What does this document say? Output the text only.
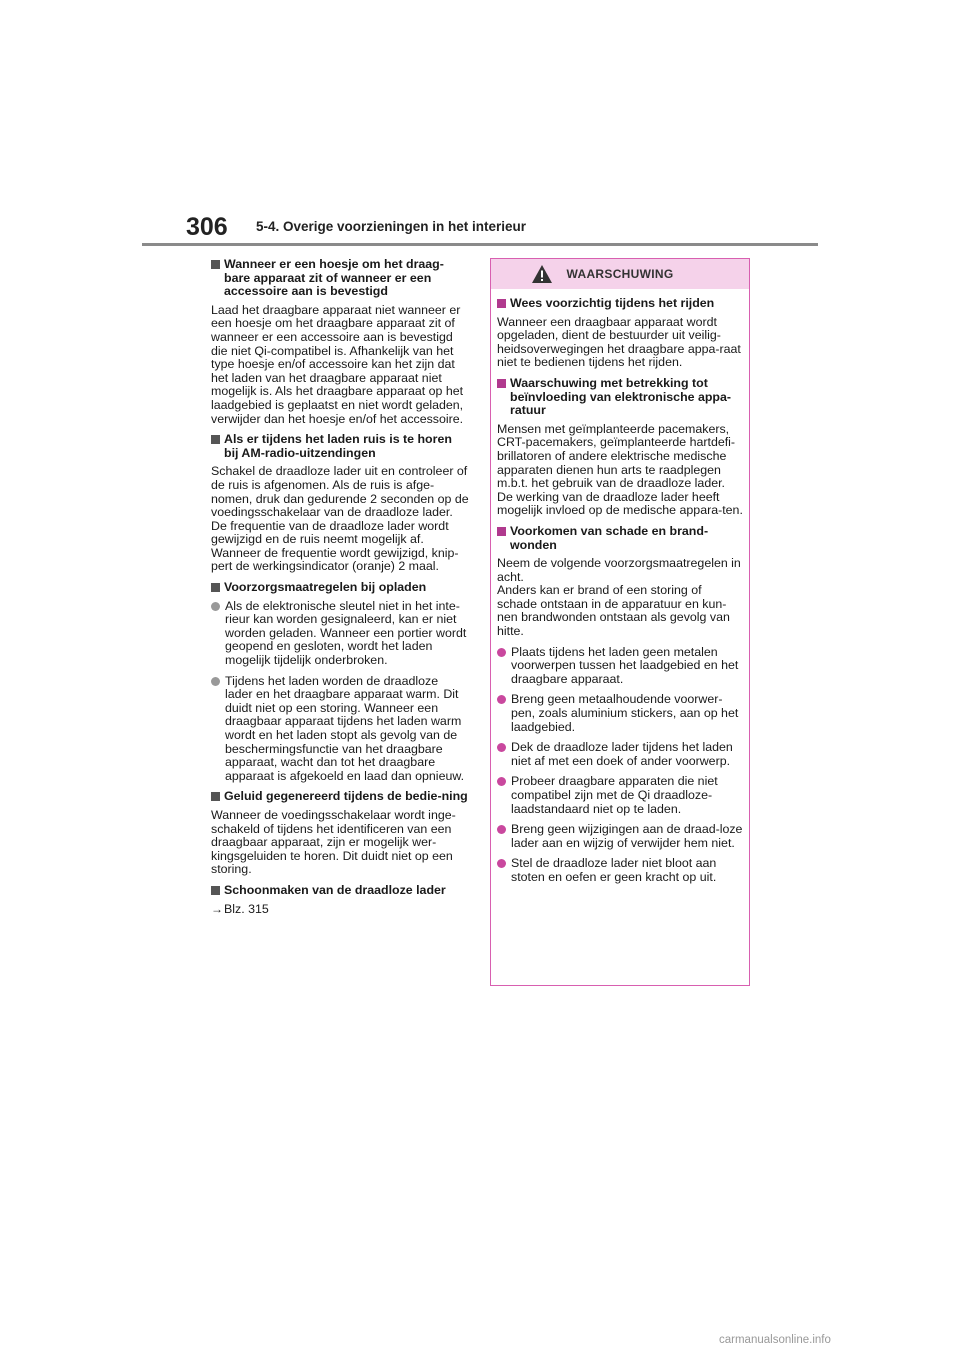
306 5-4. Overige voorzieningen in het interieur
Wanneer er een hoesje om het draag-bare apparaat zit of wanneer er een accessoire aan is bevestigd

Laad het draagbare apparaat niet wanneer er een hoesje om het draagbare apparaat zit of wanneer er een accessoire aan is bevestigd die niet Qi-compatibel is. Afhankelijk van het type hoesje en/of accessoire kan het zijn dat het laden van het draagbare apparaat niet mogelijk is. Als het draagbare apparaat op het laadgebied is geplaatst en niet wordt geladen, verwijder dan het hoesje en/of het accessoire.

Als er tijdens het laden ruis is te horen bij AM-radio-uitzendingen

Schakel de draadloze lader uit en controleer of de ruis is afgenomen. Als de ruis is afge-nomen, druk dan gedurende 2 seconden op de voedingsschakelaar van de draadloze lader. De frequentie van de draadloze lader wordt gewijzigd en de ruis neemt mogelijk af. Wanneer de frequentie wordt gewijzigd, knip-pert de werkingsindicator (oranje) 2 maal.

Voorzorgsmaatregelen bij opladen
Als de elektronische sleutel niet in het inte-rieur kan worden gesignaleerd, kan er niet worden geladen. Wanneer een portier wordt geopend en gesloten, wordt het laden mogelijk tijdelijk onderbroken.
Tijdens het laden worden de draadloze lader en het draagbare apparaat warm. Dit duidt niet op een storing. Wanneer een draagbaar apparaat tijdens het laden warm wordt en het laden stopt als gevolg van de beschermingsfunctie van het draagbare apparaat, wacht dan tot het draagbare apparaat is afgekoeld en laad dan opnieuw.
Geluid gegenereerd tijdens de bedie-ning

Wanneer de voedingsschakelaar wordt inge-schakeld of tijdens het identificeren van een draagbaar apparaat, zijn er mogelijk wer-kingsgeluiden te horen. Dit duidt niet op een storing.

Schoonmaken van de draadloze lader
→Blz. 315
WAARSCHUWING
Wees voorzichtig tijdens het rijden

Wanneer een draagbaar apparaat wordt opgeladen, dient de bestuurder uit veilig-heidsoverwegingen het draagbare appa-raat niet te bedienen tijdens het rijden.

Waarschuwing met betrekking tot beïnvloeding van elektronische appa-ratuur

Mensen met geïmplanteerde pacemakers, CRT-pacemakers, geïmplanteerde hartdefi-brillatoren of andere elektrische medische apparaten dienen hun arts te raadplegen m.b.t. het gebruik van de draadloze lader. De werking van de draadloze lader heeft mogelijk invloed op de medische appara-ten.

Voorkomen van schade en brand-wonden

Neem de volgende voorzorgsmaatregelen in acht.

Anders kan er brand of een storing of schade ontstaan in de apparatuur en kun-nen brandwonden ontstaan als gevolg van hitte.

Plaats tijdens het laden geen metalen voorwerpen tussen het laadgebied en het draagbare apparaat.
Breng geen metaalhoudende voorwer-pen, zoals aluminium stickers, aan op het laadgebied.
Dek de draadloze lader tijdens het laden niet af met een doek of ander voorwerp.
Probeer draagbare apparaten die niet compatibel zijn met de Qi draadloze-laadstandaard niet op te laden.
Breng geen wijzigingen aan de draad-loze lader aan en wijzig of verwijder hem niet.
Stel de draadloze lader niet bloot aan stoten en oefen er geen kracht op uit.
carmanualsonline.info
